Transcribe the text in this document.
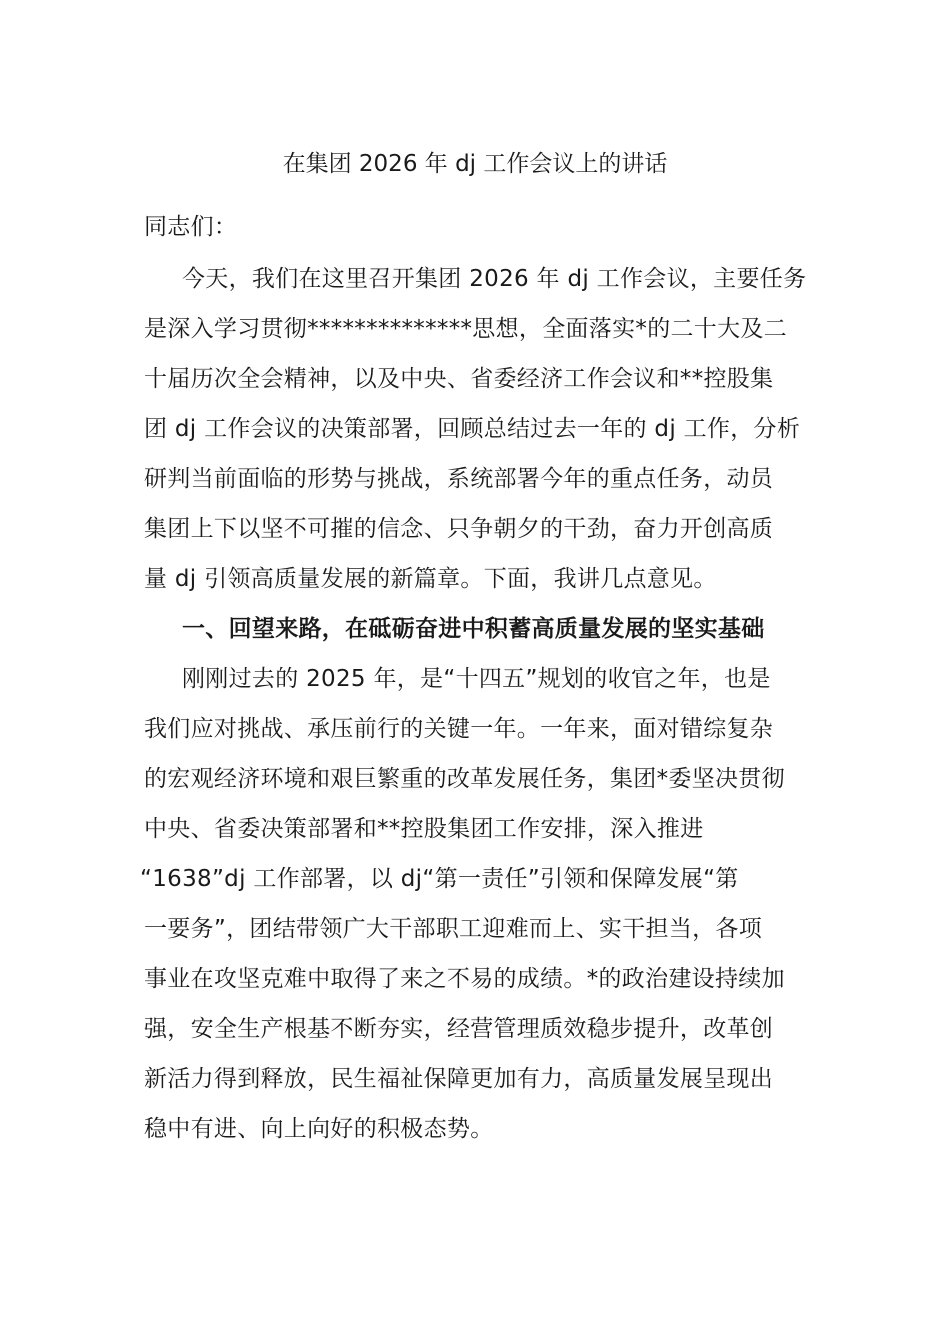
在集团 2026 年 dj 工作会议上的讲话
同志们：
今天，我们在这里召开集团 2026 年 dj 工作会议，主要任务
是深入学习贯彻**************思想，全面落实*的二十大及二
十届历次全会精神，以及中央、省委经济工作会议和**控股集
团 dj 工作会议的决策部署，回顾总结过去一年的 dj 工作，分析
研判当前面临的形势与挑战，系统部署今年的重点任务，动员
集团上下以坚不可摧的信念、只争朝夕的干劲，奋力开创高质
量 dj 引领高质量发展的新篇章。下面，我讲几点意见。
一、回望来路，在砥砺奋进中积蓄高质量发展的坚实基础
刚刚过去的 2025 年，是“十四五”规划的收官之年，也是
我们应对挑战、承压前行的关键一年。一年来，面对错综复杂
的宏观经济环境和艰巨繁重的改革发展任务，集团*委坚决贯彻
中央、省委决策部署和**控股集团工作安排，深入推进
“1638”dj 工作部署，以 dj“第一责任”引领和保障发展“第
一要务”，团结带领广大干部职工迎难而上、实干担当，各项
事业在攻坚克难中取得了来之不易的成绩。*的政治建设持续加
强，安全生产根基不断夯实，经营管理质效稳步提升，改革创
新活力得到释放，民生福祉保障更加有力，高质量发展呈现出
稳中有进、向上向好的积极态势。
